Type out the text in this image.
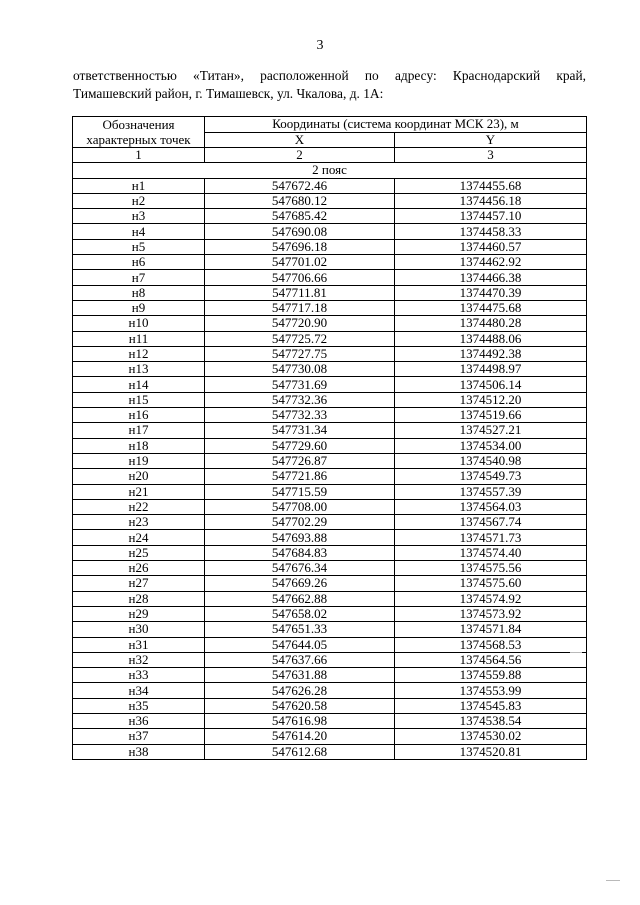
3
ответственностью «Титан», расположенной по адресу: Краснодарский край,
Тимашевский район, г. Тимашевск, ул. Чкалова, д. 1А:
Обозначения характерных точек	Координаты (система координат МСК 23), м	
	X	Y
1	2	3
2 пояс		
н1	547672.46	1374455.68
н2	547680.12	1374456.18
н3	547685.42	1374457.10
н4	547690.08	1374458.33
н5	547696.18	1374460.57
н6	547701.02	1374462.92
н7	547706.66	1374466.38
н8	547711.81	1374470.39
н9	547717.18	1374475.68
н10	547720.90	1374480.28
н11	547725.72	1374488.06
н12	547727.75	1374492.38
н13	547730.08	1374498.97
н14	547731.69	1374506.14
н15	547732.36	1374512.20
н16	547732.33	1374519.66
н17	547731.34	1374527.21
н18	547729.60	1374534.00
н19	547726.87	1374540.98
н20	547721.86	1374549.73
н21	547715.59	1374557.39
н22	547708.00	1374564.03
н23	547702.29	1374567.74
н24	547693.88	1374571.73
н25	547684.83	1374574.40
н26	547676.34	1374575.56
н27	547669.26	1374575.60
н28	547662.88	1374574.92
н29	547658.02	1374573.92
н30	547651.33	1374571.84
н31	547644.05	1374568.53
н32	547637.66	1374564.56
н33	547631.88	1374559.88
н34	547626.28	1374553.99
н35	547620.58	1374545.83
н36	547616.98	1374538.54
н37	547614.20	1374530.02
н38	547612.68	1374520.81
